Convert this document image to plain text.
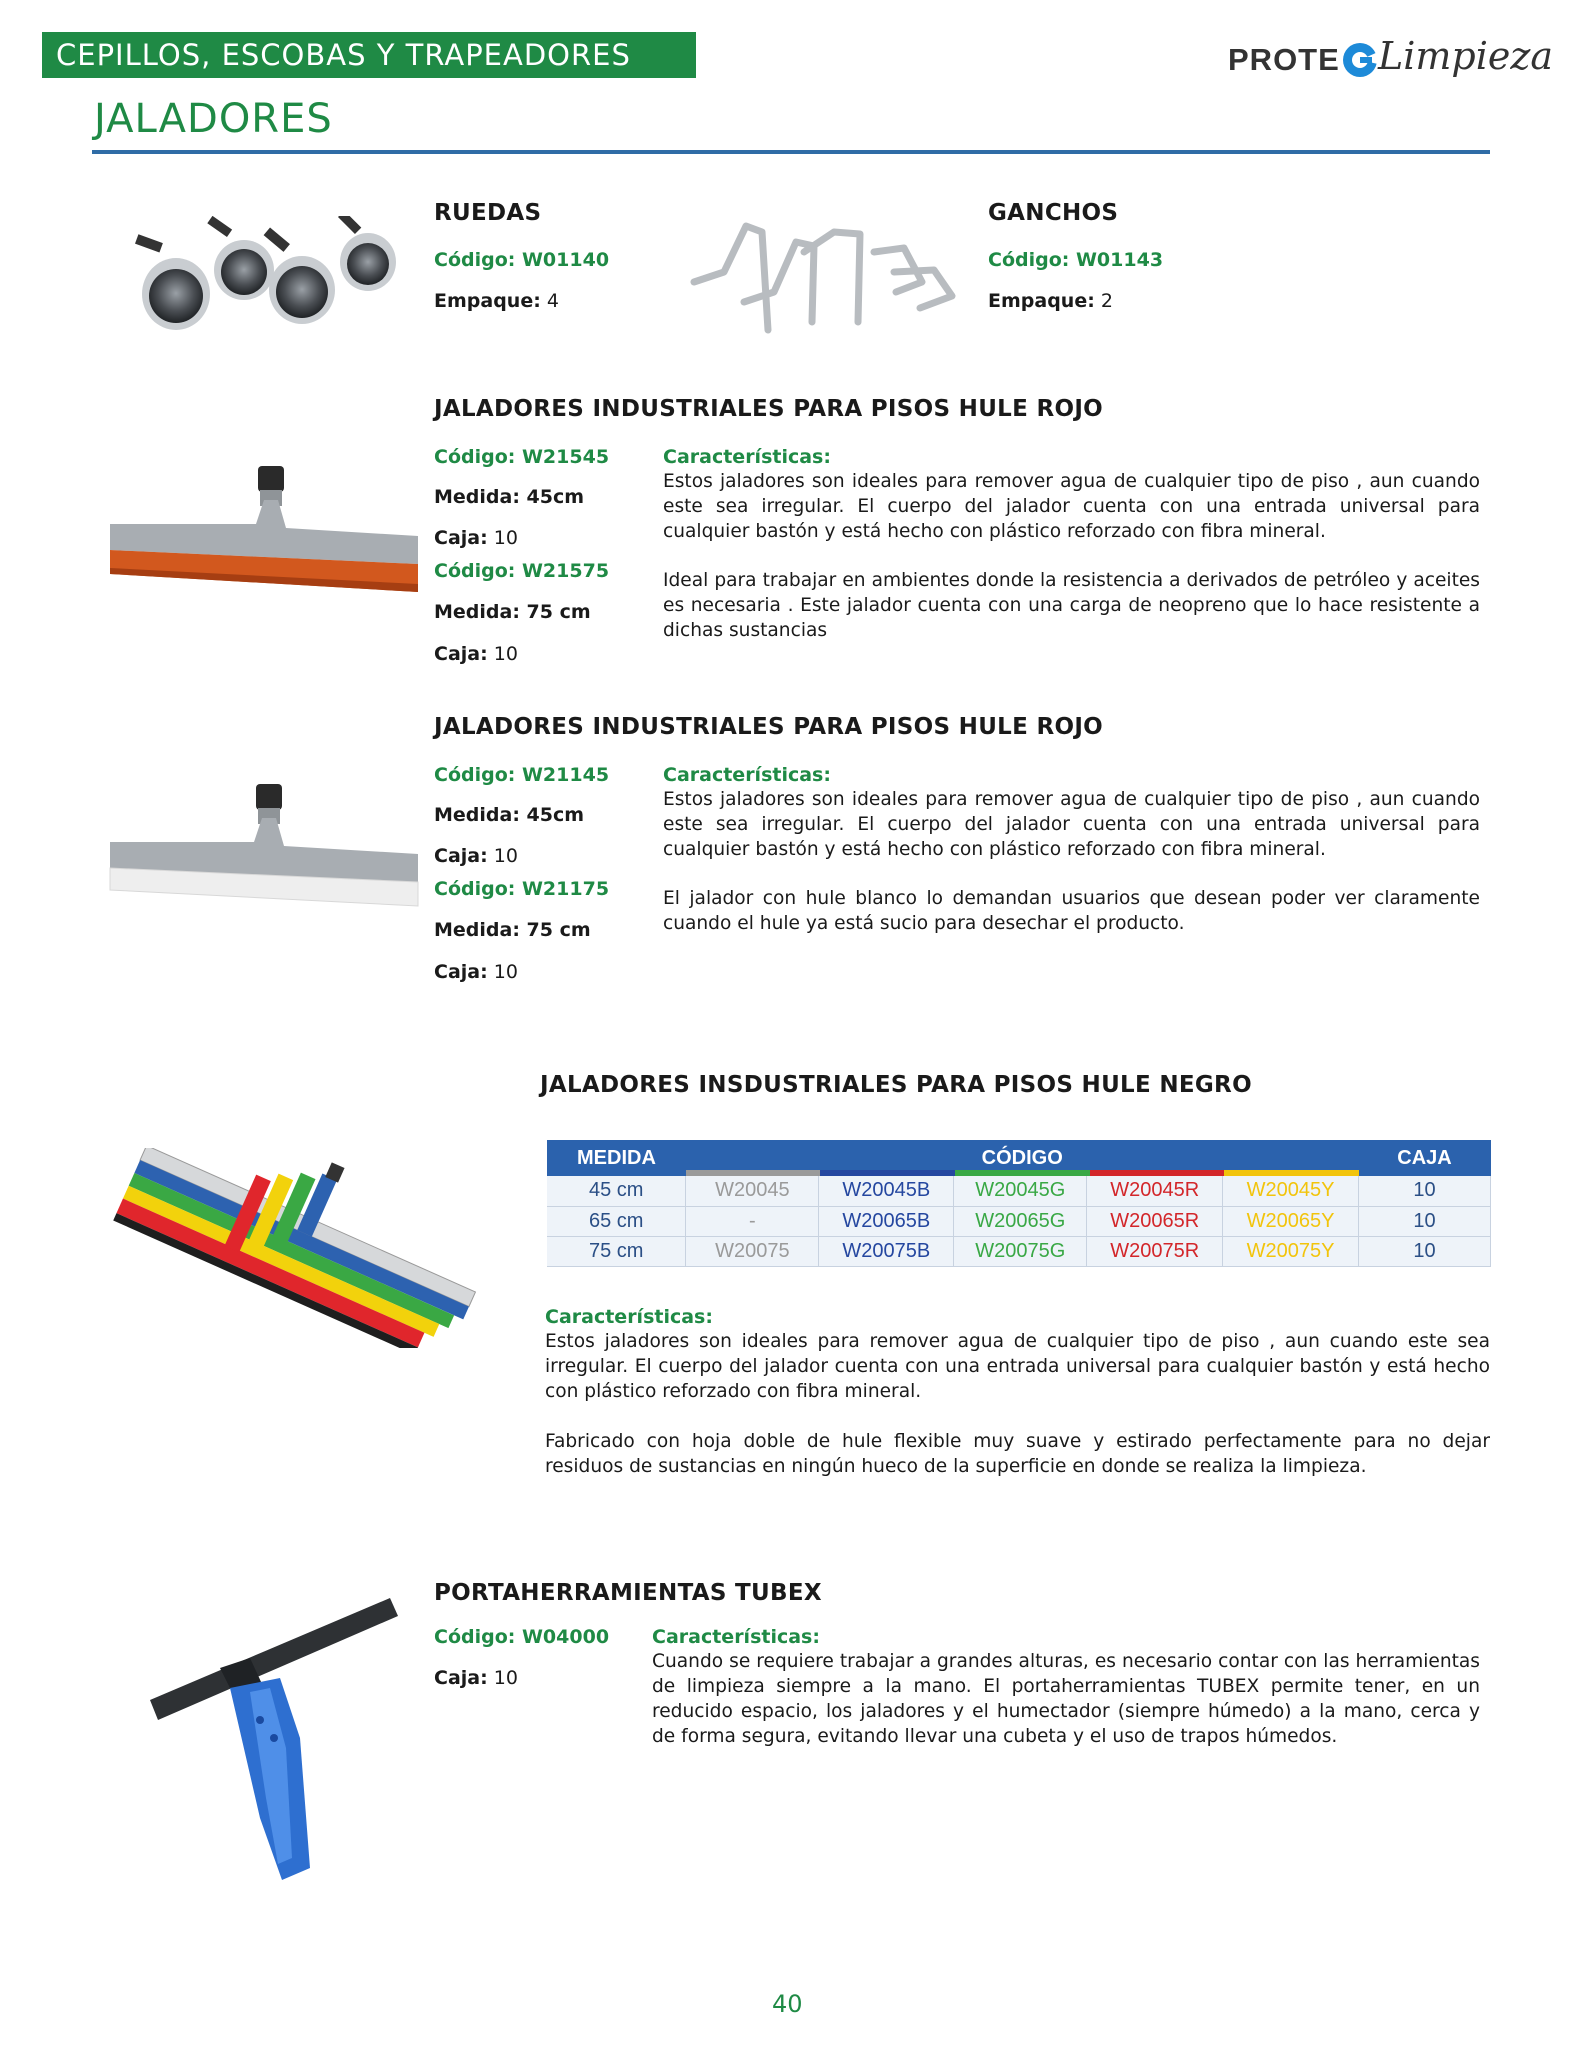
CEPILLOS, ESCOBAS Y TRAPEADORES	PROTE Limpieza
JALADORES
RUEDAS
Código: W01140
Empaque: 4
GANCHOS
Código: W01143
Empaque: 2
JALADORES INDUSTRIALES PARA PISOS HULE ROJO
Código: W21545
Medida: 45cm
Caja: 10
Código: W21575
Medida: 75 cm
Caja: 10
Características:
Estos jaladores son ideales para remover agua de cualquier tipo de piso , aun cuando este sea irregular. El cuerpo del jalador cuenta con una entrada universal para cualquier bastón y está hecho con plástico reforzado con fibra mineral.
Ideal para trabajar en ambientes donde la resistencia a derivados de petróleo y aceites es necesaria . Este jalador cuenta con una carga de neopreno que lo hace resistente a dichas sustancias
JALADORES INDUSTRIALES PARA PISOS HULE ROJO
Código: W21145
Medida: 45cm
Caja: 10
Código: W21175
Medida: 75 cm
Caja: 10
Características:
Estos jaladores son ideales para remover agua de cualquier tipo de piso , aun cuando este sea irregular. El cuerpo del jalador cuenta con una entrada universal para cualquier bastón y está hecho con plástico reforzado con fibra mineral.
El jalador con hule blanco lo demandan usuarios que desean poder ver claramente cuando el hule ya está sucio para desechar el producto.
JALADORES INSDUSTRIALES PARA PISOS HULE NEGRO
MEDIDA	CÓDIGO					CAJA
45 cm	W20045	W20045B	W20045G	W20045R	W20045Y	10
65 cm	-	W20065B	W20065G	W20065R	W20065Y	10
75 cm	W20075	W20075B	W20075G	W20075R	W20075Y	10
Características:
Estos jaladores son ideales para remover agua de cualquier tipo de piso , aun cuando este sea irregular. El cuerpo del jalador cuenta con una entrada universal para cualquier bastón y está hecho con plástico reforzado con fibra mineral.
Fabricado con hoja doble de hule flexible muy suave y estirado perfectamente para no dejar residuos de sustancias en ningún hueco de la superficie en donde se realiza la limpieza.
PORTAHERRAMIENTAS TUBEX
Código: W04000
Caja: 10
Características:
Cuando se requiere trabajar a grandes alturas, es necesario contar con las herramientas de limpieza siempre a la mano. El portaherramientas TUBEX permite tener, en un reducido espacio, los jaladores y el humectador (siempre húmedo) a la mano, cerca y de forma segura, evitando llevar una cubeta y el uso de trapos húmedos.
40
